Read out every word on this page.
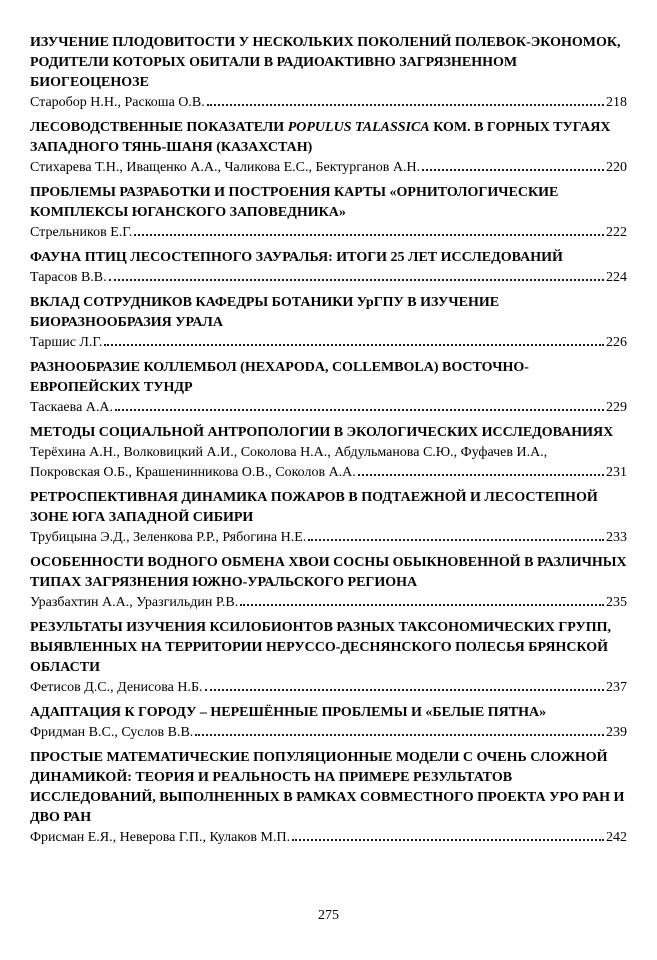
ИЗУЧЕНИЕ ПЛОДОВИТОСТИ У НЕСКОЛЬКИХ ПОКОЛЕНИЙ ПОЛЕВОК-ЭКОНОМОК, РОДИТЕЛИ КОТОРЫХ ОБИТАЛИ В РАДИОАКТИВНО ЗАГРЯЗНЕННОМ БИОГЕОЦЕНОЗЕ
Старобор Н.Н., Раскоша О.В.	218
ЛЕСОВОДСТВЕННЫЕ ПОКАЗАТЕЛИ POPULUS TALASSICA КОМ. В ГОРНЫХ ТУГАЯХ ЗАПАДНОГО ТЯНЬ-ШАНЯ (КАЗАХСТАН)
Стихарева Т.Н., Иващенко А.А., Чаликова Е.С., Бектурганов А.Н.	220
ПРОБЛЕМЫ РАЗРАБОТКИ И ПОСТРОЕНИЯ КАРТЫ «ОРНИТОЛОГИЧЕСКИЕ КОМПЛЕКСЫ ЮГАНСКОГО ЗАПОВЕДНИКА»
Стрельников Е.Г.	222
ФАУНА ПТИЦ ЛЕСОСТЕПНОГО ЗАУРАЛЬЯ: ИТОГИ 25 ЛЕТ ИССЛЕДОВАНИЙ
Тарасов В.В.	224
ВКЛАД СОТРУДНИКОВ КАФЕДРЫ БОТАНИКИ УрГПУ В ИЗУЧЕНИЕ БИОРАЗНООБРАЗИЯ УРАЛА
Таршис Л.Г.	226
РАЗНООБРАЗИЕ КОЛЛЕМБОЛ (HEXAPODA, COLLEMBOLA) ВОСТОЧНО-ЕВРОПЕЙСКИХ ТУНДР
Таскаева А.А.	229
МЕТОДЫ СОЦИАЛЬНОЙ АНТРОПОЛОГИИ В ЭКОЛОГИЧЕСКИХ ИССЛЕДОВАНИЯХ
Терёхина А.Н., Волковицкий А.И., Соколова Н.А., Абдульманова С.Ю., Фуфачев И.А.,
Покровская О.Б., Крашенинникова О.В., Соколов А.А.	231
РЕТРОСПЕКТИВНАЯ ДИНАМИКА ПОЖАРОВ В ПОДТАЕЖНОЙ И ЛЕСОСТЕПНОЙ ЗОНЕ ЮГА ЗАПАДНОЙ СИБИРИ
Трубицына Э.Д., Зеленкова Р.Р., Рябогина Н.Е.	233
ОСОБЕННОСТИ ВОДНОГО ОБМЕНА ХВОИ СОСНЫ ОБЫКНОВЕННОЙ В РАЗЛИЧНЫХ ТИПАХ ЗАГРЯЗНЕНИЯ ЮЖНО-УРАЛЬСКОГО РЕГИОНА
Уразбахтин А.А., Уразгильдин Р.В.	235
РЕЗУЛЬТАТЫ ИЗУЧЕНИЯ КСИЛОБИОНТОВ РАЗНЫХ ТАКСОНОМИЧЕСКИХ ГРУПП, ВЫЯВЛЕННЫХ НА ТЕРРИТОРИИ НЕРУССО-ДЕСНЯНСКОГО ПОЛЕСЬЯ БРЯНСКОЙ ОБЛАСТИ
Фетисов Д.С., Денисова Н.Б.	237
АДАПТАЦИЯ К ГОРОДУ – НЕРЕШЁННЫЕ ПРОБЛЕМЫ И «БЕЛЫЕ ПЯТНА»
Фридман В.С., Суслов В.В.	239
ПРОСТЫЕ МАТЕМАТИЧЕСКИЕ ПОПУЛЯЦИОННЫЕ МОДЕЛИ С ОЧЕНЬ СЛОЖНОЙ ДИНАМИКОЙ: ТЕОРИЯ И РЕАЛЬНОСТЬ НА ПРИМЕРЕ РЕЗУЛЬТАТОВ ИССЛЕДОВАНИЙ, ВЫПОЛНЕННЫХ В РАМКАХ СОВМЕСТНОГО ПРОЕКТА УРО РАН И ДВО РАН
Фрисман Е.Я., Неверова Г.П., Кулаков М.П.	242
275
